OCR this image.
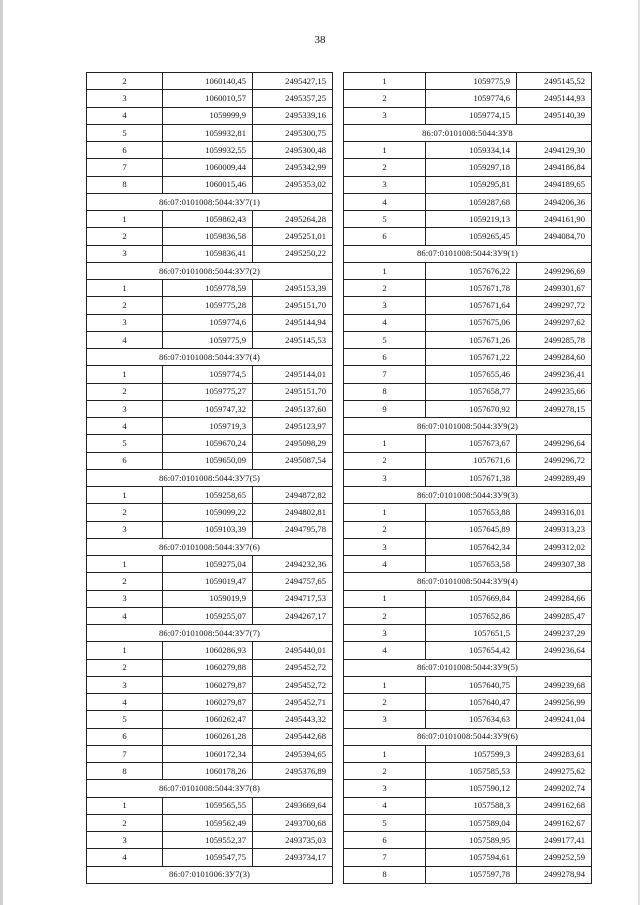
38
2	1060140,45	2495427,15
3	1060010,57	2495357,25
4	1059999,9	2495339,16
5	1059932,81	2495300,75
6	1059932,55	2495300,48
7	1060009,44	2495342,99
8	1060015,46	2495353,02
86:07:0101008:5044:ЗУ7(1)		
1	1059862,43	2495264,28
2	1059836,58	2495251,01
3	1059836,41	2495250,22
86:07:0101008:5044:ЗУ7(2)		
1	1059778,59	2495153,39
2	1059775,28	2495151,70
3	1059774,6	2495144,94
4	1059775,9	2495145,53
86:07:0101008:5044:ЗУ7(4)		
1	1059774,5	2495144,01
2	1059775,27	2495151,70
3	1059747,32	2495137,60
4	1059719,3	2495123,97
5	1059670,24	2495098,29
6	1059650,09	2495087,54
86:07:0101008:5044:ЗУ7(5)		
1	1059258,65	2494872,82
2	1059099,22	2494802,81
3	1059103,39	2494795,78
86:07:0101008:5044:ЗУ7(6)		
1	1059275,04	2494232,36
2	1059019,47	2494757,65
3	1059019,9	2494717,53
4	1059255,07	2494267,17
86:07:0101008:5044:ЗУ7(7)		
1	1060286,93	2495440,01
2	1060279,88	2495452,72
3	1060279,87	2495452,72
4	1060279,87	2495452,71
5	1060262,47	2495443,32
6	1060261,28	2495442,68
7	1060172,34	2495394,65
8	1060178,26	2495376,89
86:07:0101008:5044:ЗУ7(8)		
1	1059565,55	2493669,64
2	1059562,49	2493700,68
3	1059552,37	2493735,03
4	1059547,75	2493734,17
86:07:0101006:ЗУ7(3)		
1	1059775,9	2495145,52
2	1059774,6	2495144,93
3	1059774,15	2495140,39
86:07:0101008:5044:ЗУ8		
1	1059334,14	2494129,30
2	1059297,18	2494186,84
3	1059295,81	2494189,65
4	1059287,68	2494206,36
5	1059219,13	2494161,90
6	1059265,45	2494084,70
86:07:0101008:5044:ЗУ9(1)		
1	1057676,22	2499296,69
2	1057671,78	2499301,67
3	1057671,64	2499297,72
4	1057675,06	2499297,62
5	1057671,26	2499285,78
6	1057671,22	2499284,60
7	1057655,46	2499236,41
8	1057658,77	2499235,66
9	1057670,92	2499278,15
86:07:0101008:5044:ЗУ9(2)		
1	1057673,67	2499296,64
2	1057671,6	2499296,72
3	1057671,38	2499289,49
86:07:0101008:5044:ЗУ9(3)		
1	1057653,88	2499316,01
2	1057645,89	2499313,23
3	1057642,34	2499312,02
4	1057653,58	2499307,38
86:07:0101008:5044:ЗУ9(4)		
1	1057669,84	2499284,66
2	1057652,86	2499285,47
3	1057651,5	2499237,29
4	1057654,42	2499236,64
86:07:0101008:5044:ЗУ9(5)		
1	1057640,75	2499239,68
2	1057640,47	2499256,99
3	1057634,63	2499241,04
86:07:0101008:5044:ЗУ9(6)		
1	1057599,3	2499283,61
2	1057585,53	2499275,62
3	1057590,12	2499202,74
4	1057588,3	2499162,68
5	1057589,04	2499162,67
6	1057589,95	2499177,41
7	1057594,61	2499252,59
8	1057597,78	2499278,94
